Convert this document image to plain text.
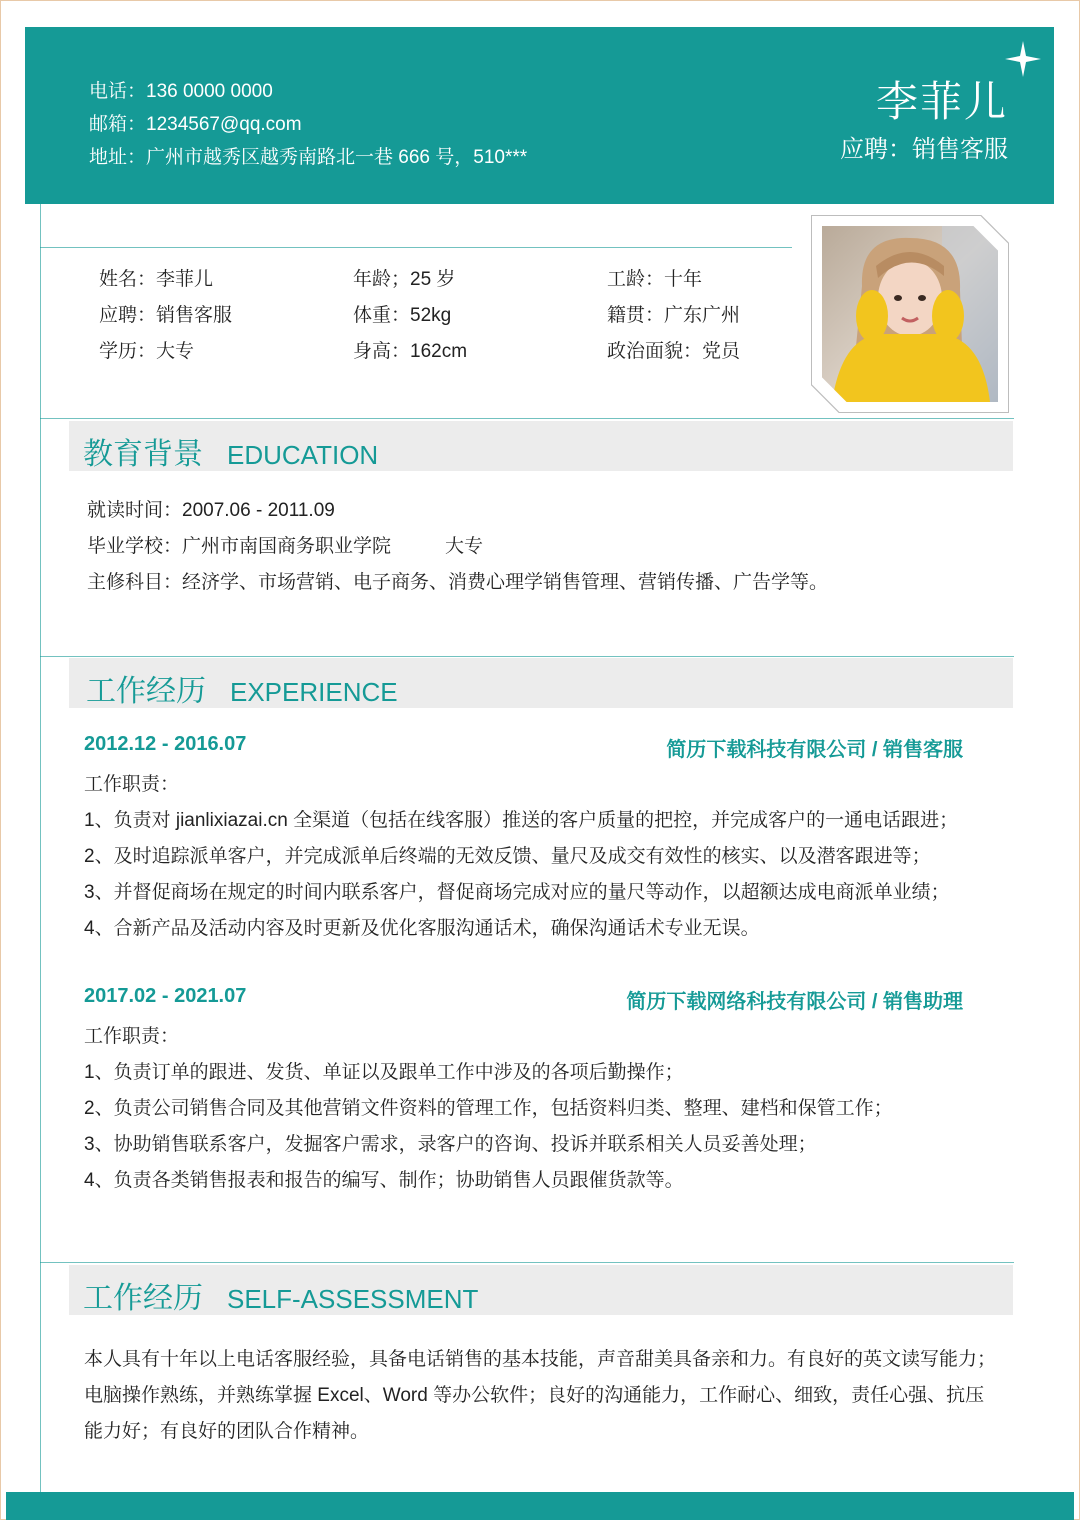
电话：136 0000 0000
邮箱：1234567@qq.com
地址：广州市越秀区越秀南路北一巷 666 号，510***
李菲儿
应聘：销售客服
姓名：李菲儿	年龄；25 岁	工龄：十年
应聘：销售客服	体重：52kg	籍贯：广东广州
学历：大专	身高：162cm	政治面貌：党员
教育背景 EDUCATION
就读时间：2007.06 - 2011.09
毕业学校：广州市南国商务职业学院	大专
主修科目：经济学、市场营销、电子商务、消费心理学销售管理、营销传播、广告学等。
工作经历 EXPERIENCE
2012.12 - 2016.07	简历下载科技有限公司 / 销售客服
工作职责：
1、负责对 jianlixiazai.cn 全渠道（包括在线客服）推送的客户质量的把控，并完成客户的一通电话跟进；
2、及时追踪派单客户，并完成派单后终端的无效反馈、量尺及成交有效性的核实、以及潜客跟进等；
3、并督促商场在规定的时间内联系客户，督促商场完成对应的量尺等动作，以超额达成电商派单业绩；
4、合新产品及活动内容及时更新及优化客服沟通话术，确保沟通话术专业无误。
2017.02 - 2021.07	简历下载网络科技有限公司 / 销售助理
工作职责：
1、负责订单的跟进、发货、单证以及跟单工作中涉及的各项后勤操作；
2、负责公司销售合同及其他营销文件资料的管理工作，包括资料归类、整理、建档和保管工作；
3、协助销售联系客户，发掘客户需求，录客户的咨询、投诉并联系相关人员妥善处理；
4、负责各类销售报表和报告的编写、制作；协助销售人员跟催货款等。
工作经历 SELF-ASSESSMENT
本人具有十年以上电话客服经验，具备电话销售的基本技能，声音甜美具备亲和力。有良好的英文读写能力；
电脑操作熟练，并熟练掌握 Excel、Word 等办公软件；良好的沟通能力，工作耐心、细致，责任心强、抗压
能力好；有良好的团队合作精神。
